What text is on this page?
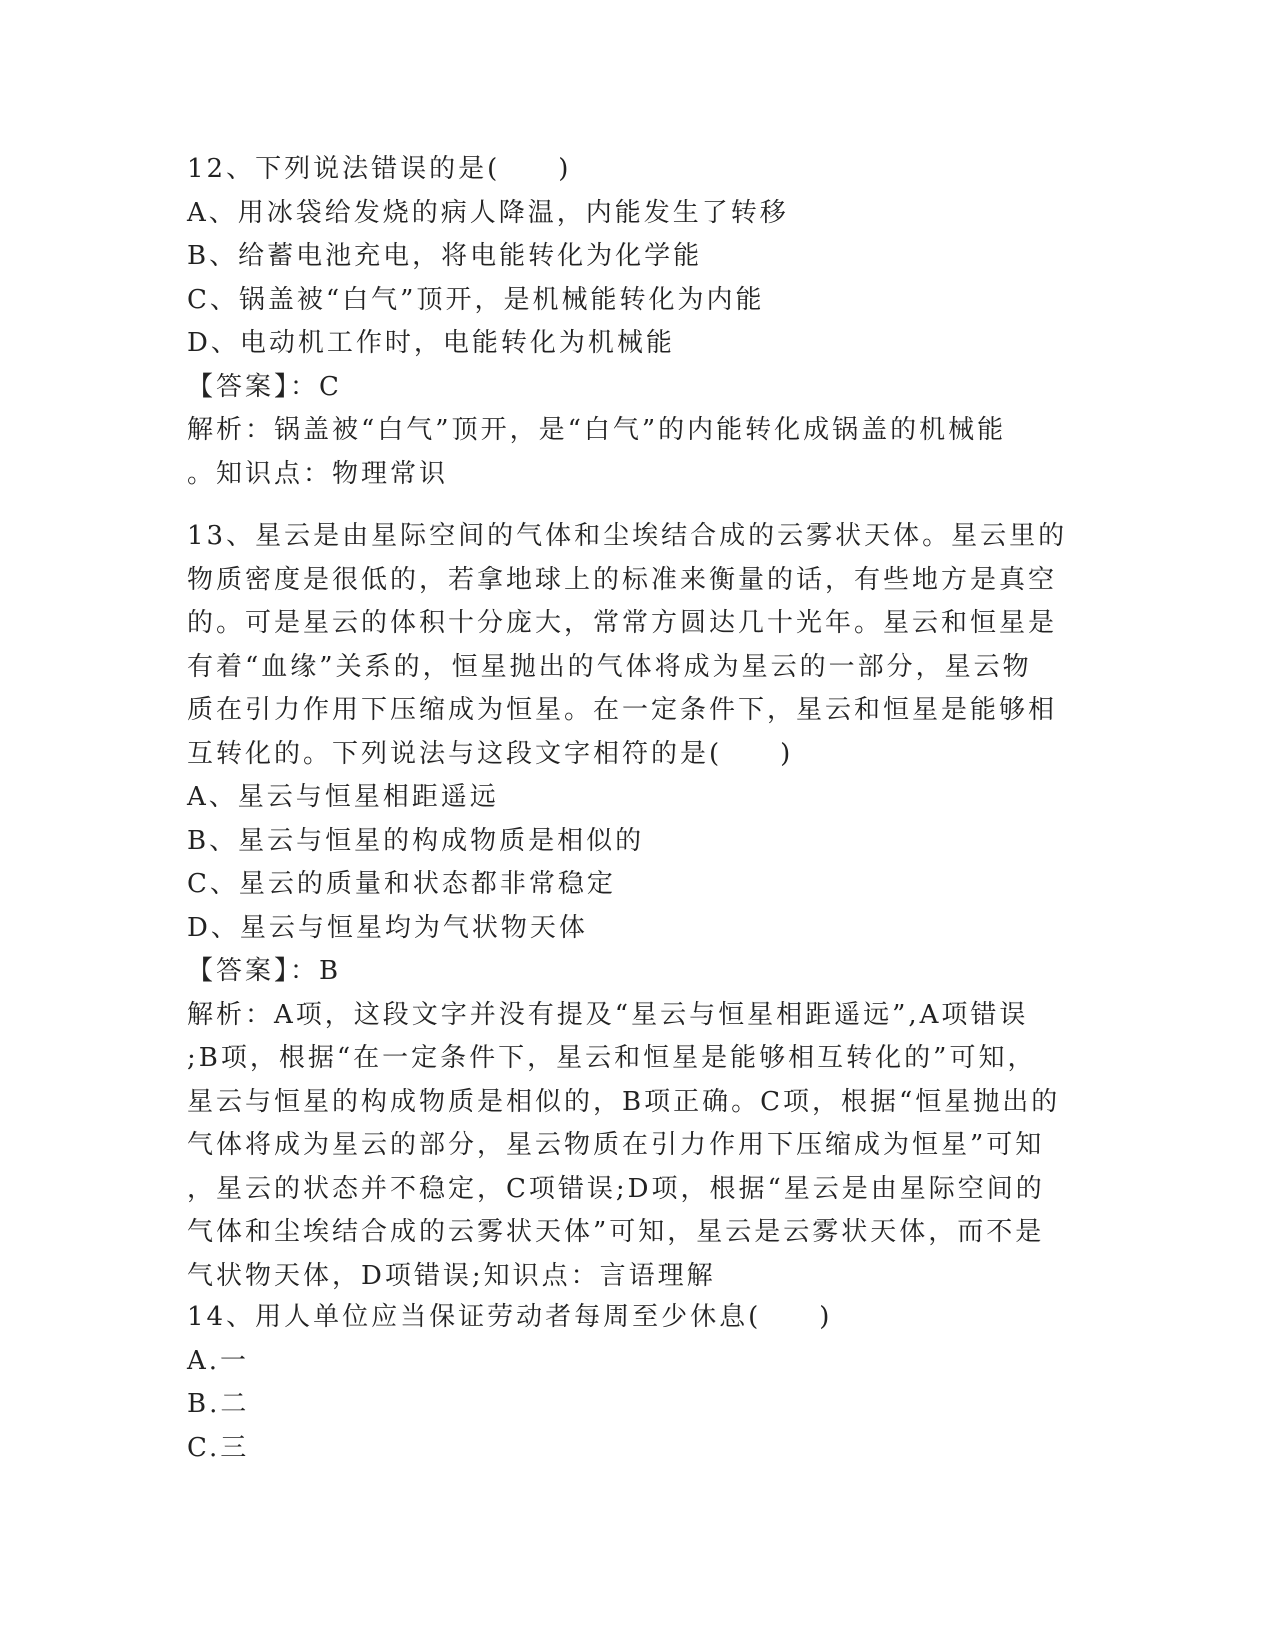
12、下列说法错误的是(　　)
A、用冰袋给发烧的病人降温，内能发生了转移
B、给蓄电池充电，将电能转化为化学能
C、锅盖被“白气”顶开，是机械能转化为内能
D、电动机工作时，电能转化为机械能
【答案】：C
解析：锅盖被“白气”顶开，是“白气”的内能转化成锅盖的机械能
。知识点：物理常识
13、星云是由星际空间的气体和尘埃结合成的云雾状天体。星云里的
物质密度是很低的，若拿地球上的标准来衡量的话，有些地方是真空
的。可是星云的体积十分庞大，常常方圆达几十光年。星云和恒星是
有着“血缘”关系的，恒星抛出的气体将成为星云的一部分，星云物
质在引力作用下压缩成为恒星。在一定条件下，星云和恒星是能够相
互转化的。下列说法与这段文字相符的是(　　)
A、星云与恒星相距遥远
B、星云与恒星的构成物质是相似的
C、星云的质量和状态都非常稳定
D、星云与恒星均为气状物天体
【答案】：B
解析：A项，这段文字并没有提及“星云与恒星相距遥远”,A项错误
;B项，根据“在一定条件下，星云和恒星是能够相互转化的”可知，
星云与恒星的构成物质是相似的，B项正确。C项，根据“恒星抛出的
气体将成为星云的部分，星云物质在引力作用下压缩成为恒星”可知
，星云的状态并不稳定，C项错误;D项，根据“星云是由星际空间的
气体和尘埃结合成的云雾状天体”可知，星云是云雾状天体，而不是
气状物天体，D项错误;知识点：言语理解
14、用人单位应当保证劳动者每周至少休息(　　)
A.一
B.二
C.三
